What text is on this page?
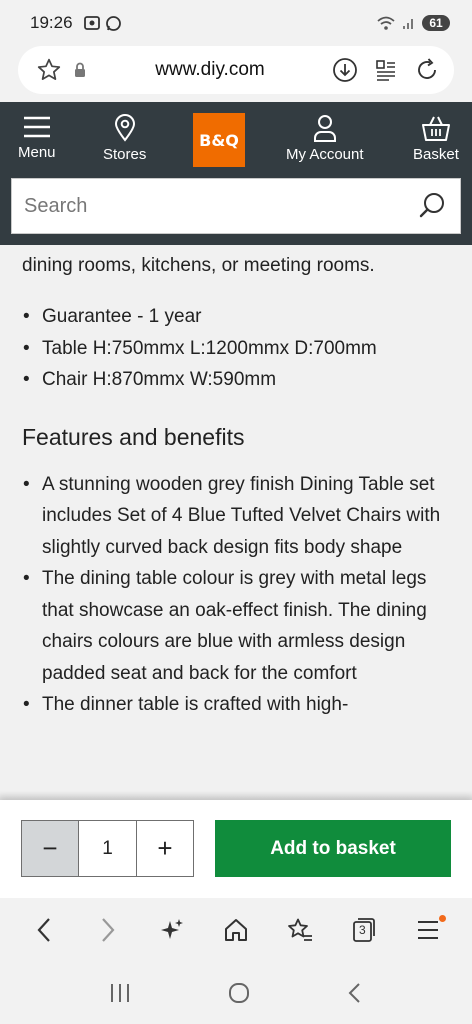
19:26	61
www.diy.com
Menu	Stores
B&Q
My Account	Basket
Search

dining rooms, kitchens, or meeting rooms.

• Guarantee - 1 year
• Table H:750mmx L:1200mmx D:700mm
• Chair H:870mmx W:590mm
Features and benefits
• A stunning wooden grey finish Dining Table set includes Set of 4 Blue Tufted Velvet Chairs with slightly curved back design fits body shape
• The dining table colour is grey with metal legs that showcase an oak-effect finish. The dining chairs colours are blue with armless design padded seat and back for the comfort
• The dinner table is crafted with high-
−	1	+	Add to basket
3
